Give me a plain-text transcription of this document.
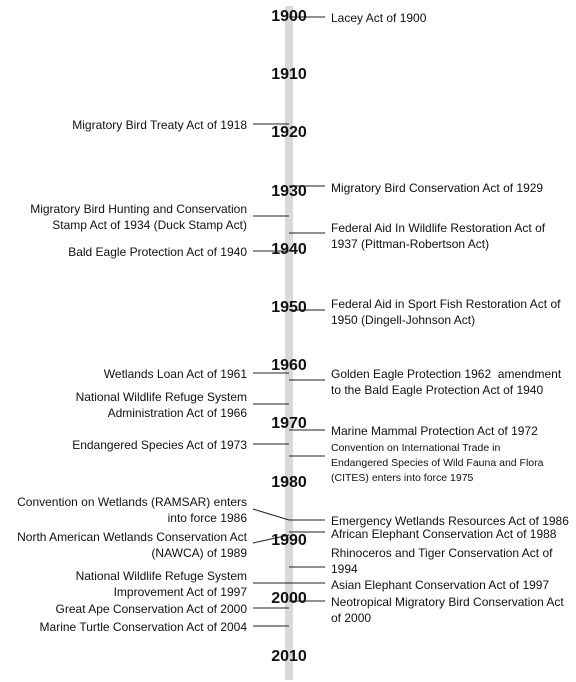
1900
1910
1920
1930
1940
1950
1960
1970
1980
1990
2000
2010
Lacey Act of 1900
Migratory Bird Treaty Act of 1918
Migratory Bird Conservation Act of 1929
Migratory Bird Hunting and Conservation
Stamp Act of 1934 (Duck Stamp Act)	Federal Aid In Wildlife Restoration Act of
1937 (Pittman-Robertson Act)
Bald Eagle Protection Act of 1940
Federal Aid in Sport Fish Restoration Act of
1950 (Dingell-Johnson Act)
Wetlands Loan Act of 1961	Golden Eagle Protection 1962  amendment
to the Bald Eagle Protection Act of 1940
National Wildlife Refuge System
Administration Act of 1966
Marine Mammal Protection Act of 1972
Endangered Species Act of 1973	Convention on International Trade in
Endangered Species of Wild Fauna and Flora
(CITES) enters into force 1975
Convention on Wetlands (RAMSAR) enters
into force 1986	Emergency Wetlands Resources Act of 1986
African Elephant Conservation Act of 1988
North American Wetlands Conservation Act
(NAWCA) of 1989	Rhinoceros and Tiger Conservation Act of
1994
National Wildlife Refuge System
Improvement Act of 1997	Asian Elephant Conservation Act of 1997
Great Ape Conservation Act of 2000	Neotropical Migratory Bird Conservation Act
of 2000
Marine Turtle Conservation Act of 2004
